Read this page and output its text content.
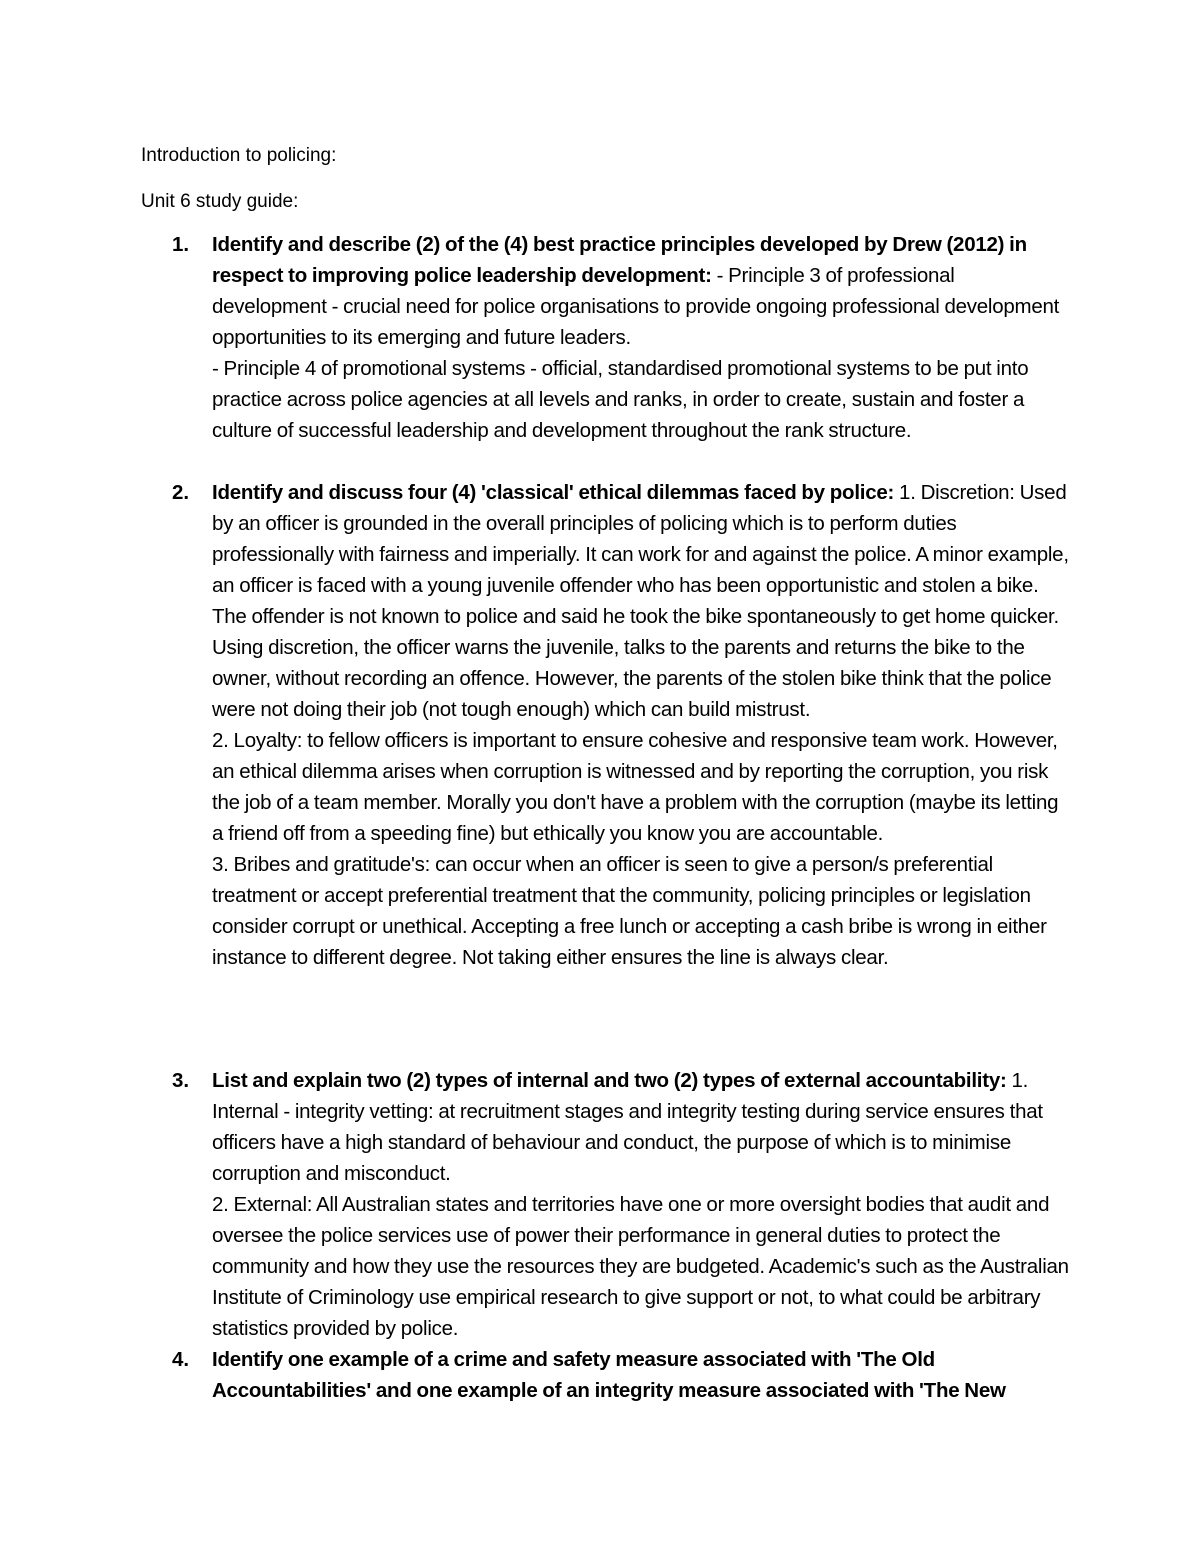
Introduction to policing:

Unit 6 study guide:

1. Identify and describe (2) of the (4) best practice principles developed by Drew (2012) in respect to improving police leadership development: - Principle 3 of professional development - crucial need for police organisations to provide ongoing professional development opportunities to its emerging and future leaders.

- Principle 4 of promotional systems - official, standardised promotional systems to be put into practice across police agencies at all levels and ranks, in order to create, sustain and foster a culture of successful leadership and development throughout the rank structure.

2. Identify and discuss four (4) 'classical' ethical dilemmas faced by police: 1. Discretion: Used by an officer is grounded in the overall principles of policing which is to perform duties professionally with fairness and imperially. It can work for and against the police. A minor example, an officer is faced with a young juvenile offender who has been opportunistic and stolen a bike. The offender is not known to police and said he took the bike spontaneously to get home quicker. Using discretion, the officer warns the juvenile, talks to the parents and returns the bike to the owner, without recording an offence. However, the parents of the stolen bike think that the police were not doing their job (not tough enough) which can build mistrust.

2. Loyalty: to fellow officers is important to ensure cohesive and responsive team work. However, an ethical dilemma arises when corruption is witnessed and by reporting the corruption, you risk the job of a team member. Morally you don't have a problem with the corruption (maybe its letting a friend off from a speeding fine) but ethically you know you are accountable.

3. Bribes and gratitude's: can occur when an officer is seen to give a person/s preferential treatment or accept preferential treatment that the community, policing principles or legislation consider corrupt or unethical. Accepting a free lunch or accepting a cash bribe is wrong in either instance to different degree. Not taking either ensures the line is always clear.

3. List and explain two (2) types of internal and two (2) types of external accountability: 1. Internal - integrity vetting: at recruitment stages and integrity testing during service ensures that officers have a high standard of behaviour and conduct, the purpose of which is to minimise corruption and misconduct.

2. External: All Australian states and territories have one or more oversight bodies that audit and oversee the police services use of power their performance in general duties to protect the community and how they use the resources they are budgeted. Academic's such as the Australian Institute of Criminology use empirical research to give support or not, to what could be arbitrary statistics provided by police.

4. Identify one example of a crime and safety measure associated with 'The Old Accountabilities' and one example of an integrity measure associated with 'The New
